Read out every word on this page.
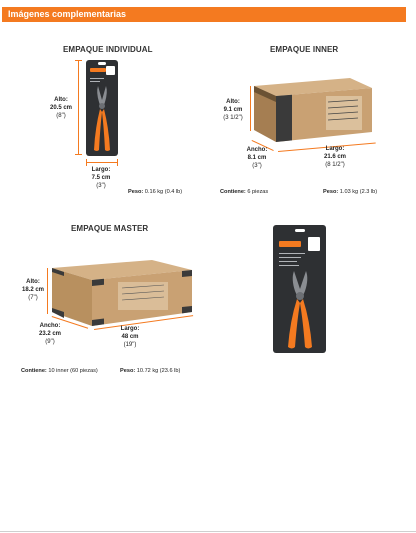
Imágenes complementarias
EMPAQUE INDIVIDUAL
Alto:
20.5 cm
(8")
Largo:
7.5 cm
(3")
Peso: 0.16 kg (0.4 lb)
EMPAQUE INNER
Alto:
9.1 cm
(3 1/2")
Ancho:
8.1 cm
(3")
Largo:
21.6 cm
(8 1/2")
Contiene: 6 piezas	Peso: 1.03 kg (2.3 lb)
EMPAQUE MASTER
Alto:
18.2 cm
(7")
Ancho:
23.2 cm
(9")
Largo:
48 cm
(19")
Contiene: 10 inner (60 piezas)	Peso: 10.72 kg (23.6 lb)
